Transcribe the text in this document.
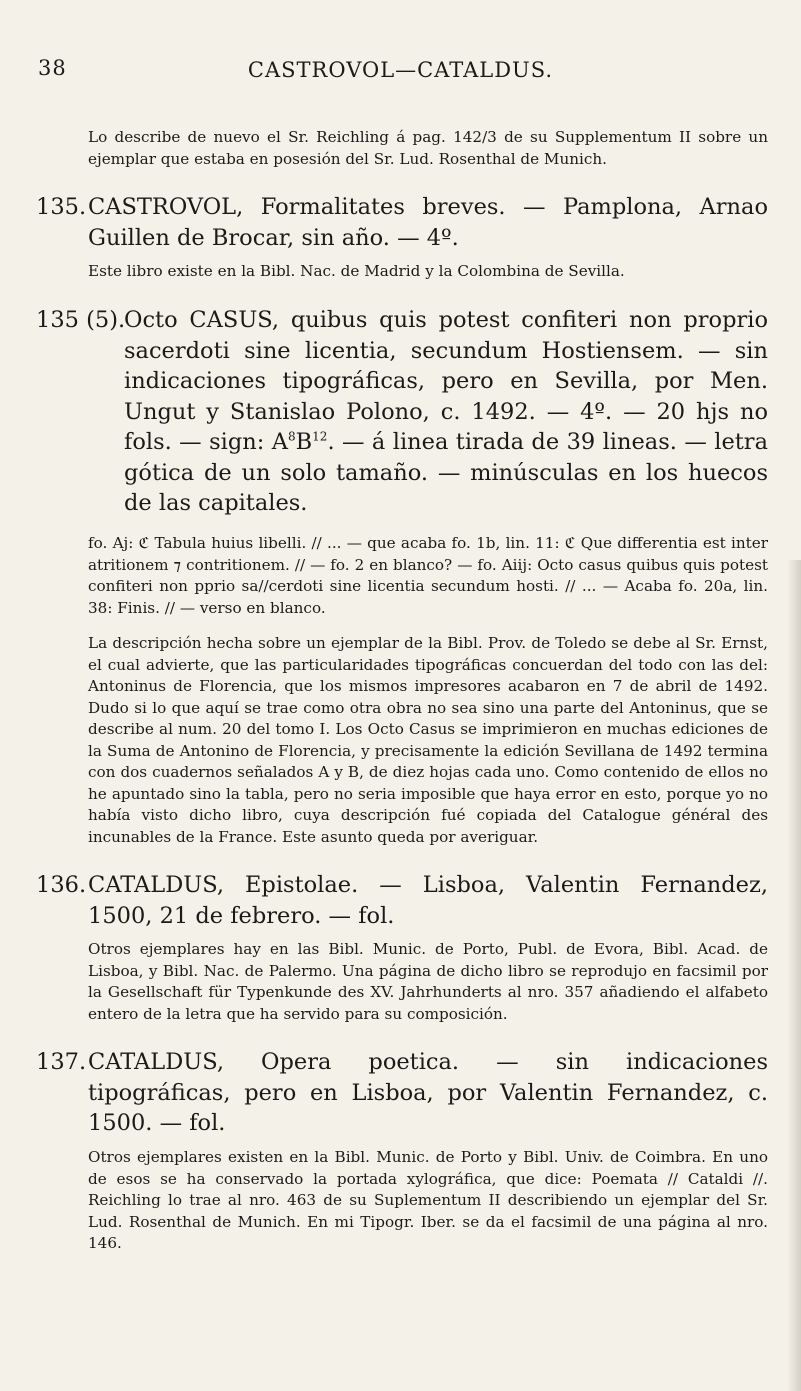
38	CASTROVOL—CATALDUS.

Lo describe de nuevo el Sr. Reichling á pag. 142/3 de su Supplementum II sobre un ejemplar que estaba en posesión del Sr. Lud. Rosenthal de Munich.

135. CASTROVOL, Formalitates breves. — Pamplona, Arnao Guillen de Brocar, sin año. — 4º.

Este libro existe en la Bibl. Nac. de Madrid y la Colombina de Sevilla.

135 (5).
Octo CASUS, quibus quis potest confiteri non proprio sacerdoti sine licentia, secundum Hostiensem. — sin indicaciones tipográficas, pero en Sevilla, por Men. Ungut y Stanislao Polono, c. 1492. — 4º. — 20 hjs no fols. — sign: $A^8B^{12}$. — á linea tirada de 39 lineas. — letra gótica de un solo tamaño. — minúsculas en los huecos de las capitales.

fo. Aj: ℭ Tabula huius libelli. // ... — que acaba fo. 1b, lin. 11: ℭ Que differentia est inter atritionem ⁊ contritionem. // — fo. 2 en blanco? — fo. Aiij: Octo casus quibus quis potest confiteri non pprio sa//cerdoti sine licentia secundum hosti. // ... — Acaba fo. 20a, lin. 38: Finis. // — verso en blanco.

La descripción hecha sobre un ejemplar de la Bibl. Prov. de Toledo se debe al Sr. Ernst, el cual advierte, que las particularidades tipográficas concuerdan del todo con las del: Antoninus de Florencia, que los mismos impresores acabaron en 7 de abril de 1492. Dudo si lo que aquí se trae como otra obra no sea sino una parte del Antoninus, que se describe al num. 20 del tomo I. Los Octo Casus se imprimieron en muchas ediciones de la Suma de Antonino de Florencia, y precisamente la edición Sevillana de 1492 termina con dos cuadernos señalados A y B, de diez hojas cada uno. Como contenido de ellos no he apuntado sino la tabla, pero no seria imposible que haya error en esto, porque yo no había visto dicho libro, cuya descripción fué copiada del Catalogue général des incunables de la France. Este asunto queda por averiguar.

136. CATALDUS, Epistolae. — Lisboa, Valentin Fernandez, 1500, 21 de febrero. — fol.

Otros ejemplares hay en las Bibl. Munic. de Porto, Publ. de Evora, Bibl. Acad. de Lisboa, y Bibl. Nac. de Palermo. Una página de dicho libro se reprodujo en facsimil por la Gesellschaft für Typenkunde des XV. Jahrhunderts al nro. 357 añadiendo el alfabeto entero de la letra que ha servido para su composición.

137. CATALDUS, Opera poetica. — sin indicaciones tipográficas, pero en Lisboa, por Valentin Fernandez, c. 1500. — fol.

Otros ejemplares existen en la Bibl. Munic. de Porto y Bibl. Univ. de Coimbra. En uno de esos se ha conservado la portada xylográfica, que dice: Poemata // Cataldi //. Reichling lo trae al nro. 463 de su Suplementum II describiendo un ejemplar del Sr. Lud. Rosenthal de Munich. En mi Tipogr. Iber. se da el facsimil de una página al nro. 146.
